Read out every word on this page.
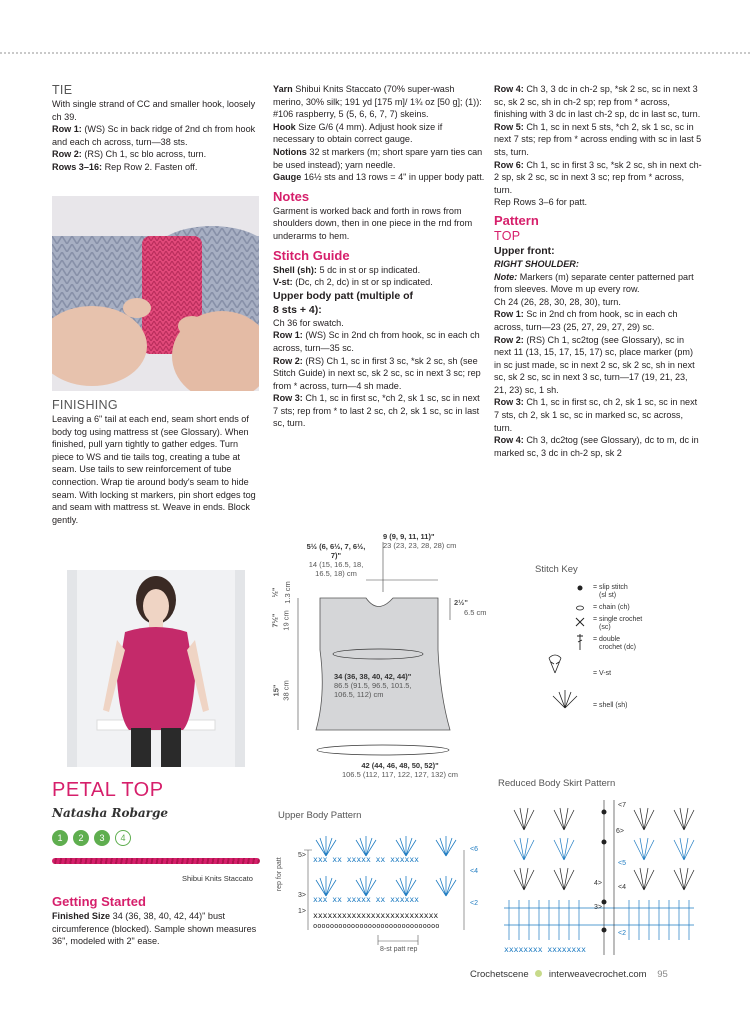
TIE

With single strand of CC and smaller hook, loosely ch 39.

Row 1: (WS) Sc in back ridge of 2nd ch from hook and each ch across, turn—38 sts.

Row 2: (RS) Ch 1, sc blo across, turn.

Rows 3–16: Rep Row 2. Fasten off.

FINISHING

Leaving a 6" tail at each end, seam short ends of body tog using mattress st (see Glossary). When finished, pull yarn tightly to gather edges. Turn piece to WS and tie tails tog, creating a tube at seam. Use tails to sew reinforcement of tube connection. Wrap tie around body's seam to hide seam. With locking st markers, pin short edges tog and seam with mattress st. Weave in ends. Block gently.

PETAL TOP
Natasha Robarge
1	2	3	4
Shibui Knits Staccato

Getting Started

Finished Size 34 (36, 38, 40, 42, 44)" bust circumference (blocked). Sample shown measures 36", modeled with 2" ease.

Yarn Shibui Knits Staccato (70% super-wash merino, 30% silk; 191 yd [175 m]/ 1¾ oz [50 g]; (1)): #106 raspberry, 5 (5, 6, 6, 7, 7) skeins.

Hook Size G/6 (4 mm). Adjust hook size if necessary to obtain correct gauge.

Notions 32 st markers (m; short spare yarn ties can be used instead); yarn needle.

Gauge 16½ sts and 13 rows = 4" in upper body patt.

Notes

Garment is worked back and forth in rows from shoulders down, then in one piece in the rnd from underarms to hem.

Stitch Guide

Shell (sh): 5 dc in st or sp indicated.

V-st: (Dc, ch 2, dc) in st or sp indicated.

Upper body patt (multiple of 8 sts + 4):

Ch 36 for swatch.

Row 1: (WS) Sc in 2nd ch from hook, sc in each ch across, turn—35 sc.

Row 2: (RS) Ch 1, sc in first 3 sc, *sk 2 sc, sh (see Stitch Guide) in next sc, sk 2 sc, sc in next 3 sc; rep from * across, turn—4 sh made.

Row 3: Ch 1, sc in first sc, *ch 2, sk 1 sc, sc in next 7 sts; rep from * to last 2 sc, ch 2, sk 1 sc, sc in last sc, turn.

Row 4: Ch 3, 3 dc in ch-2 sp, *sk 2 sc, sc in next 3 sc, sk 2 sc, sh in ch-2 sp; rep from * across, finishing with 3 dc in last ch-2 sp, dc in last sc, turn.

Row 5: Ch 1, sc in next 5 sts, *ch 2, sk 1 sc, sc in next 7 sts; rep from * across ending with sc in last 5 sts, turn.

Row 6: Ch 1, sc in first 3 sc, *sk 2 sc, sh in next ch-2 sp, sk 2 sc, sc in next 3 sc; rep from * across, turn.

Rep Rows 3–6 for patt.

Pattern

TOP

Upper front:

RIGHT SHOULDER:

Note: Markers (m) separate center patterned part from sleeves. Move m up every row.

Ch 24 (26, 28, 30, 28, 30), turn.

Row 1: Sc in 2nd ch from hook, sc in each ch across, turn—23 (25, 27, 29, 27, 29) sc.

Row 2: (RS) Ch 1, sc2tog (see Glossary), sc in next 11 (13, 15, 17, 15, 17) sc, place marker (pm) in sc just made, sc in next 2 sc, sk 2 sc, sh in next sc, sk 2 sc, sc in next 3 sc, turn—17 (19, 21, 23, 21, 23) sc, 1 sh.

Row 3: Ch 1, sc in first sc, ch 2, sk 1 sc, sc in next 7 sts, ch 2, sk 1 sc, sc in marked sc, sc across, turn.

Row 4: Ch 3, dc2tog (see Glossary), dc to m, dc in marked sc, 3 dc in ch-2 sp, sk 2

9 (9, 9, 11, 11)"
23 (23, 23, 28, 28) cm
5½ (6, 6½, 7, 6½, 7)"
14 (15, 16.5, 18, 16.5, 18) cm
½" 1.3 cm
7½" 19 cm
15" 38 cm
2½"
6.5 cm
34 (36, 38, 40, 42, 44)"
86.5 (91.5, 96.5, 101.5, 106.5, 112) cm
42 (44, 46, 48, 50, 52)"
106.5 (112, 117, 122, 127, 132) cm
Stitch Key
= slip stitch
(sl st)
= chain (ch)
= single crochet
(sc)
= double
crochet (dc)
= V-st
= shell (sh)
Upper Body Pattern
rep for patt	xxx xx xxxxx xx xxxxxx
xxx xx xxxxx xx xxxxxx
xxxxxxxxxxxxxxxxxxxxxxxxxx
oooooooooooooooooooooooooooooo
5>
3>
1>
<6
<4
<2
8-st patt rep
Reduced Body Skirt Pattern
xxxxxxxx xxxxxxxx
<7
6>
<5
4>
<4
3>
<2
Crochetscene interweavecrochet.com 95
